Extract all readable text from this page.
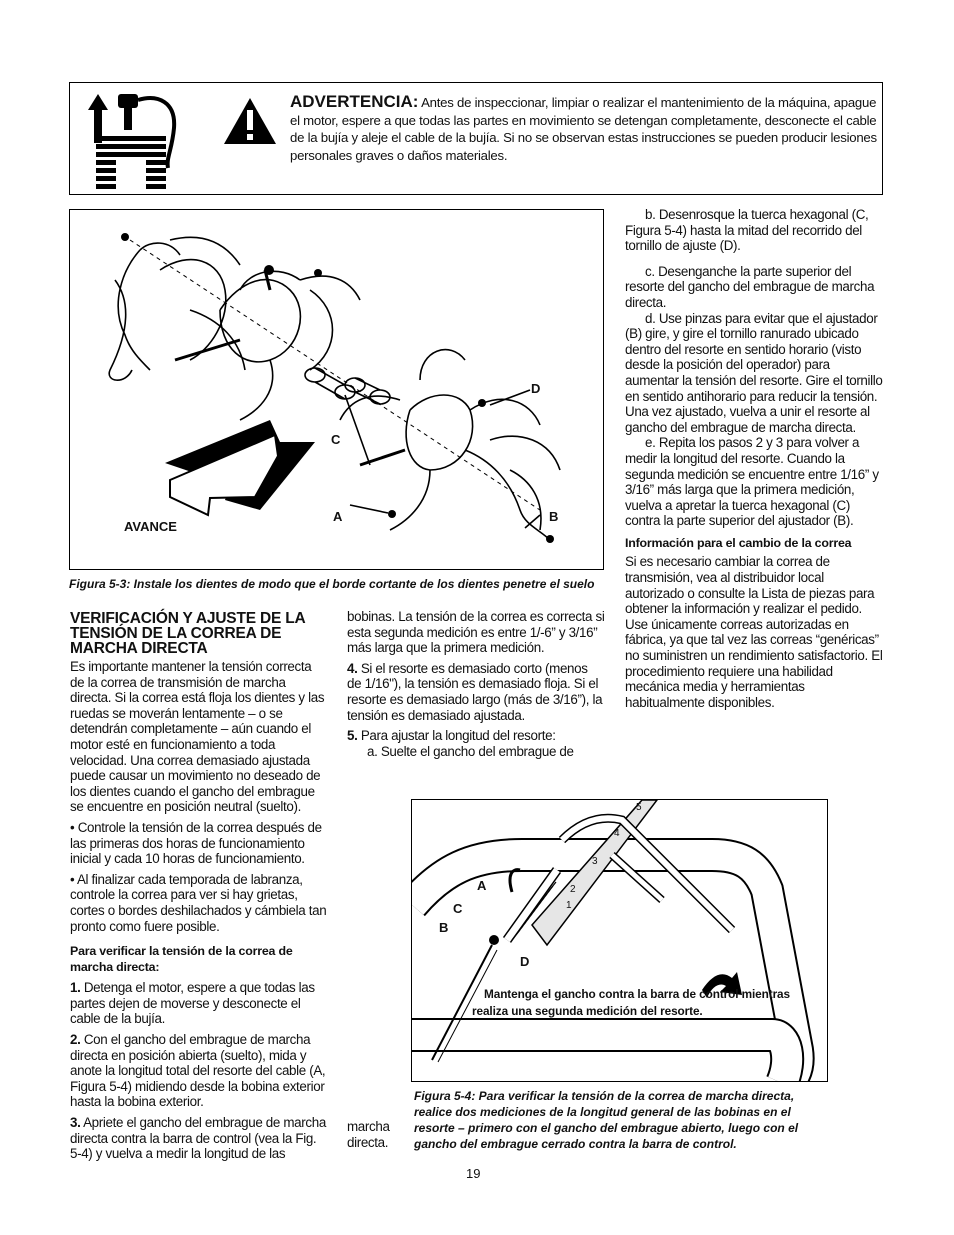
ADVERTENCIA: Antes de inspeccionar, limpiar o realizar el mantenimiento de la máquina, apague el motor, espere a que todas las partes en movimiento se detengan completamente, desconecte el cable de la bujía y aleje el cable de la bujía. Si no se observan estas instrucciones se pueden producir lesiones personales graves o daños materiales.
AVANCE
A	B
C
D
Figura 5-3: Instale los dientes de modo que el borde cortante de los dientes penetre el suelo
VERIFICACIÓN Y AJUSTE DE LA TENSIÓN DE LA CORREA DE MARCHA DIRECTA

Es importante mantener la tensión correcta de la correa de transmisión de marcha directa. Si la correa está floja los dientes y las ruedas se moverán lentamente – o se detendrán completamente – aún cuando el motor esté en funcionamiento a toda velocidad. Una correa demasiado ajustada puede causar un movimiento no deseado de los dientes cuando el gancho del embrague se encuentre en posición neutral (suelto).

• Controle la tensión de la correa después de las primeras dos horas de funcionamiento inicial y cada 10 horas de funcionamiento.

• Al finalizar cada temporada de labranza, controle la correa para ver si hay grietas, cortes o bordes deshilachados y cámbiela tan pronto como fuere posible.

Para verificar la tensión de la correa de marcha directa:

1. Detenga el motor, espere a que todas las partes dejen de moverse y desconecte el cable de la bujía.

2. Con el gancho del embrague de marcha directa en posición abierta (suelto), mida y anote la longitud total del resorte del cable (A, Figura 5-4) midiendo desde la bobina exterior hasta la bobina exterior.

3. Apriete el gancho del embrague de marcha directa contra la barra de control (vea la Fig. 5-4) y vuelva a medir la longitud de las

bobinas. La tensión de la correa es correcta si esta segunda medición es entre 1/-6” y 3/16” más larga que la primera medición.

4. Si el resorte es demasiado corto (menos de 1/16"), la tensión es demasiado floja. Si el resorte es demasiado largo (más de 3/16”), la tensión es demasiado ajustada.

5. Para ajustar la longitud del resorte:

a. Suelte el gancho del embrague de

marcha directa.

b. Desenrosque la tuerca hexagonal (C, Figura 5-4) hasta la mitad del recorrido del tornillo de ajuste (D).

c. Desenganche la parte superior del resorte del gancho del embrague de marcha directa.

d. Use pinzas para evitar que el ajustador (B) gire, y gire el tornillo ranurado ubicado dentro del resorte en sentido horario (visto desde la posición del operador) para aumentar la tensión del resorte. Gire el tornillo en sentido antihorario para reducir la tensión. Una vez ajustado, vuelva a unir el resorte al gancho del embrague de marcha directa.

e. Repita los pasos 2 y 3 para volver a medir la longitud del resorte. Cuando la segunda medición se encuentre entre 1/16” y 3/16” más larga que la primera medición, vuelva a apretar la tuerca hexagonal (C) contra la parte superior del ajustador (B).

Información para el cambio de la correa

Si es necesario cambiar la correa de transmisión, vea al distribuidor local autorizado o consulte la Lista de piezas para obtener la información y realizar el pedido. Use únicamente correas autorizadas en fábrica, ya que tal vez las correas “genéricas” no suministren un rendimiento satisfactorio. El procedimiento requiere una habilidad mecánica media y herramientas habitualmente disponibles.

5
4
3
2
1
A
C
B
D
Mantenga el gancho contra la barra de control mientras
realiza una segunda medición del resorte.
Figura 5-4: Para verificar la tensión de la correa de marcha directa, realice dos mediciones de la longitud general de las bobinas en el resorte – primero con el gancho del embrague abierto, luego con el gancho del embrague cerrado contra la barra de control.
19
